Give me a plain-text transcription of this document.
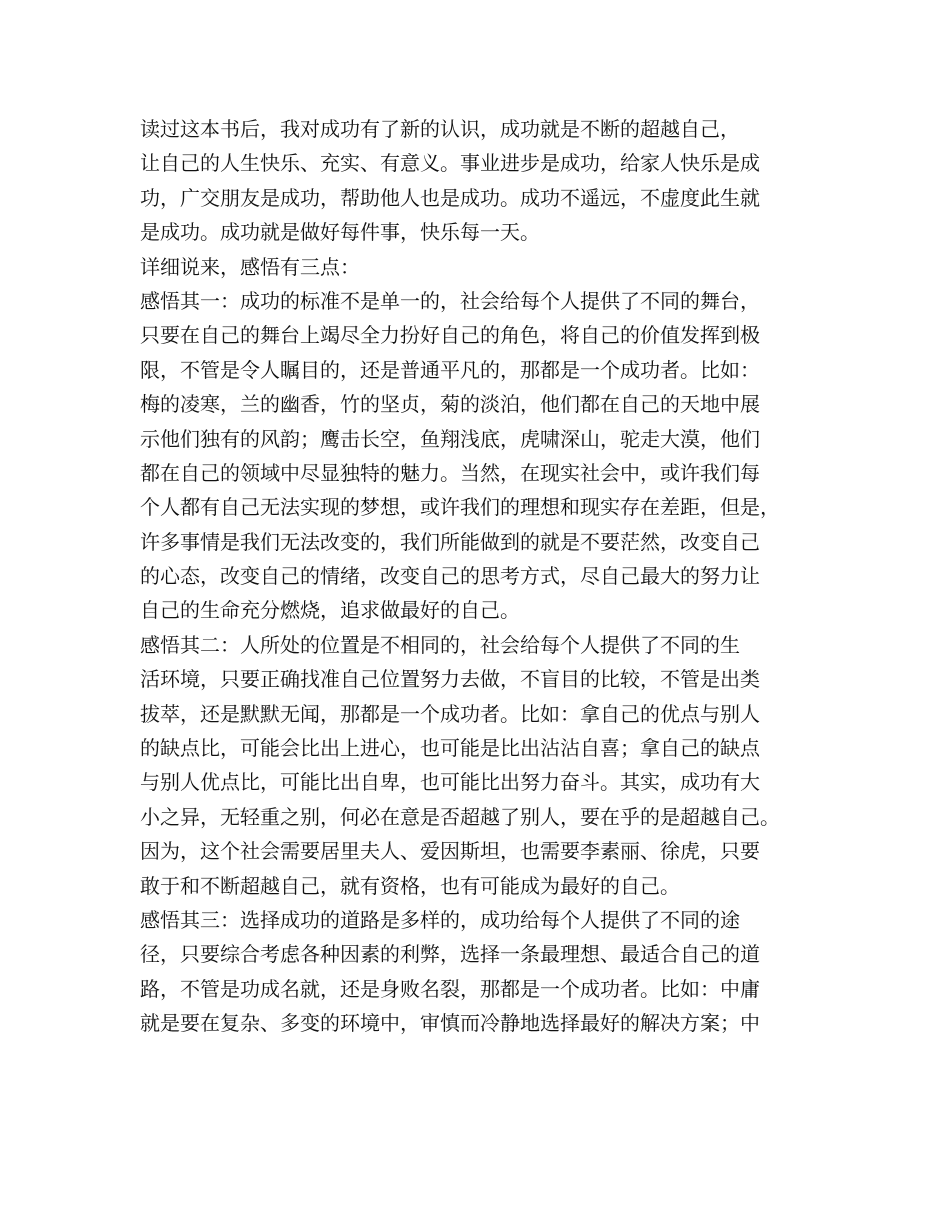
读过这本书后，我对成功有了新的认识，成功就是不断的超越自己，
让自己的人生快乐、充实、有意义。事业进步是成功，给家人快乐是成
功，广交朋友是成功，帮助他人也是成功。成功不遥远，不虚度此生就
是成功。成功就是做好每件事，快乐每一天。
详细说来，感悟有三点：
感悟其一：成功的标准不是单一的，社会给每个人提供了不同的舞台，
只要在自己的舞台上竭尽全力扮好自己的角色，将自己的价值发挥到极
限，不管是令人瞩目的，还是普通平凡的，那都是一个成功者。比如：
梅的凌寒，兰的幽香，竹的坚贞，菊的淡泊，他们都在自己的天地中展
示他们独有的风韵；鹰击长空，鱼翔浅底，虎啸深山，驼走大漠，他们
都在自己的领域中尽显独特的魅力。当然，在现实社会中，或许我们每
个人都有自己无法实现的梦想，或许我们的理想和现实存在差距，但是，
许多事情是我们无法改变的，我们所能做到的就是不要茫然，改变自己
的心态，改变自己的情绪，改变自己的思考方式，尽自己最大的努力让
自己的生命充分燃烧，追求做最好的自己。
感悟其二：人所处的位置是不相同的，社会给每个人提供了不同的生
活环境，只要正确找准自己位置努力去做，不盲目的比较，不管是出类
拔萃，还是默默无闻，那都是一个成功者。比如：拿自己的优点与别人
的缺点比，可能会比出上进心，也可能是比出沾沾自喜；拿自己的缺点
与别人优点比，可能比出自卑，也可能比出努力奋斗。其实，成功有大
小之异，无轻重之别，何必在意是否超越了别人，要在乎的是超越自己。
因为，这个社会需要居里夫人、爱因斯坦，也需要李素丽、徐虎，只要
敢于和不断超越自己，就有资格，也有可能成为最好的自己。
感悟其三：选择成功的道路是多样的，成功给每个人提供了不同的途
径，只要综合考虑各种因素的利弊，选择一条最理想、最适合自己的道
路，不管是功成名就，还是身败名裂，那都是一个成功者。比如：中庸
就是要在复杂、多变的环境中，审慎而冷静地选择最好的解决方案；中
